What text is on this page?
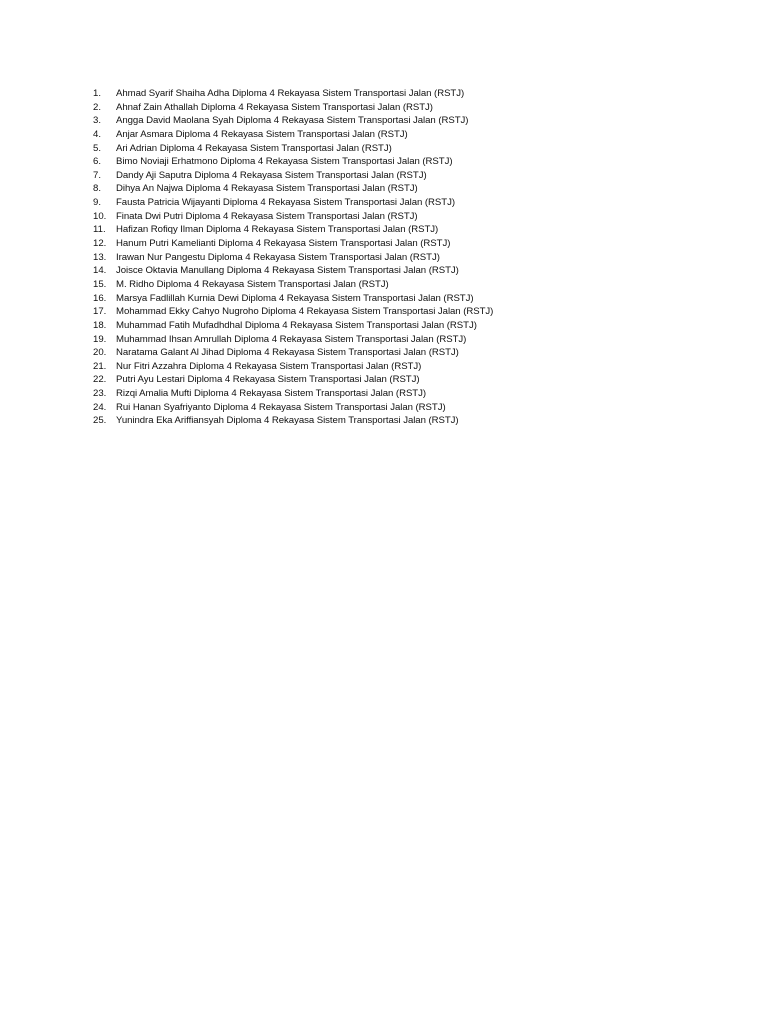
1.	Ahmad Syarif Shaiha Adha Diploma 4 Rekayasa Sistem Transportasi Jalan (RSTJ)
2.	Ahnaf Zain Athallah Diploma 4 Rekayasa Sistem Transportasi Jalan (RSTJ)
3.	Angga David Maolana Syah Diploma 4 Rekayasa Sistem Transportasi Jalan (RSTJ)
4.	Anjar Asmara Diploma 4 Rekayasa Sistem Transportasi Jalan (RSTJ)
5.	Ari Adrian Diploma 4 Rekayasa Sistem Transportasi Jalan (RSTJ)
6.	Bimo Noviaji Erhatmono Diploma 4 Rekayasa Sistem Transportasi Jalan (RSTJ)
7.	Dandy Aji Saputra Diploma 4 Rekayasa Sistem Transportasi Jalan (RSTJ)
8.	Dihya An Najwa Diploma 4 Rekayasa Sistem Transportasi Jalan (RSTJ)
9.	Fausta Patricia Wijayanti Diploma 4 Rekayasa Sistem Transportasi Jalan (RSTJ)
10.	Finata Dwi Putri Diploma 4 Rekayasa Sistem Transportasi Jalan (RSTJ)
11.	Hafizan Rofiqy Ilman Diploma 4 Rekayasa Sistem Transportasi Jalan (RSTJ)
12.	Hanum Putri Kamelianti Diploma 4 Rekayasa Sistem Transportasi Jalan (RSTJ)
13.	Irawan Nur Pangestu Diploma 4 Rekayasa Sistem Transportasi Jalan (RSTJ)
14.	Joisce Oktavia Manullang Diploma 4 Rekayasa Sistem Transportasi Jalan (RSTJ)
15.	M. Ridho Diploma 4 Rekayasa Sistem Transportasi Jalan (RSTJ)
16.	Marsya Fadlillah Kurnia Dewi Diploma 4 Rekayasa Sistem Transportasi Jalan (RSTJ)
17.	Mohammad Ekky Cahyo Nugroho Diploma 4 Rekayasa Sistem Transportasi Jalan (RSTJ)
18.	Muhammad Fatih Mufadhdhal Diploma 4 Rekayasa Sistem Transportasi Jalan (RSTJ)
19.	Muhammad Ihsan Amrullah Diploma 4 Rekayasa Sistem Transportasi Jalan (RSTJ)
20.	Naratama Galant Al Jihad Diploma 4 Rekayasa Sistem Transportasi Jalan (RSTJ)
21.	Nur Fitri Azzahra Diploma 4 Rekayasa Sistem Transportasi Jalan (RSTJ)
22.	Putri Ayu Lestari Diploma 4 Rekayasa Sistem Transportasi Jalan (RSTJ)
23.	Rizqi Amalia Mufti Diploma 4 Rekayasa Sistem Transportasi Jalan (RSTJ)
24.	Rui Hanan Syafriyanto Diploma 4 Rekayasa Sistem Transportasi Jalan (RSTJ)
25.	Yunindra Eka Ariffiansyah Diploma 4 Rekayasa Sistem Transportasi Jalan (RSTJ)
